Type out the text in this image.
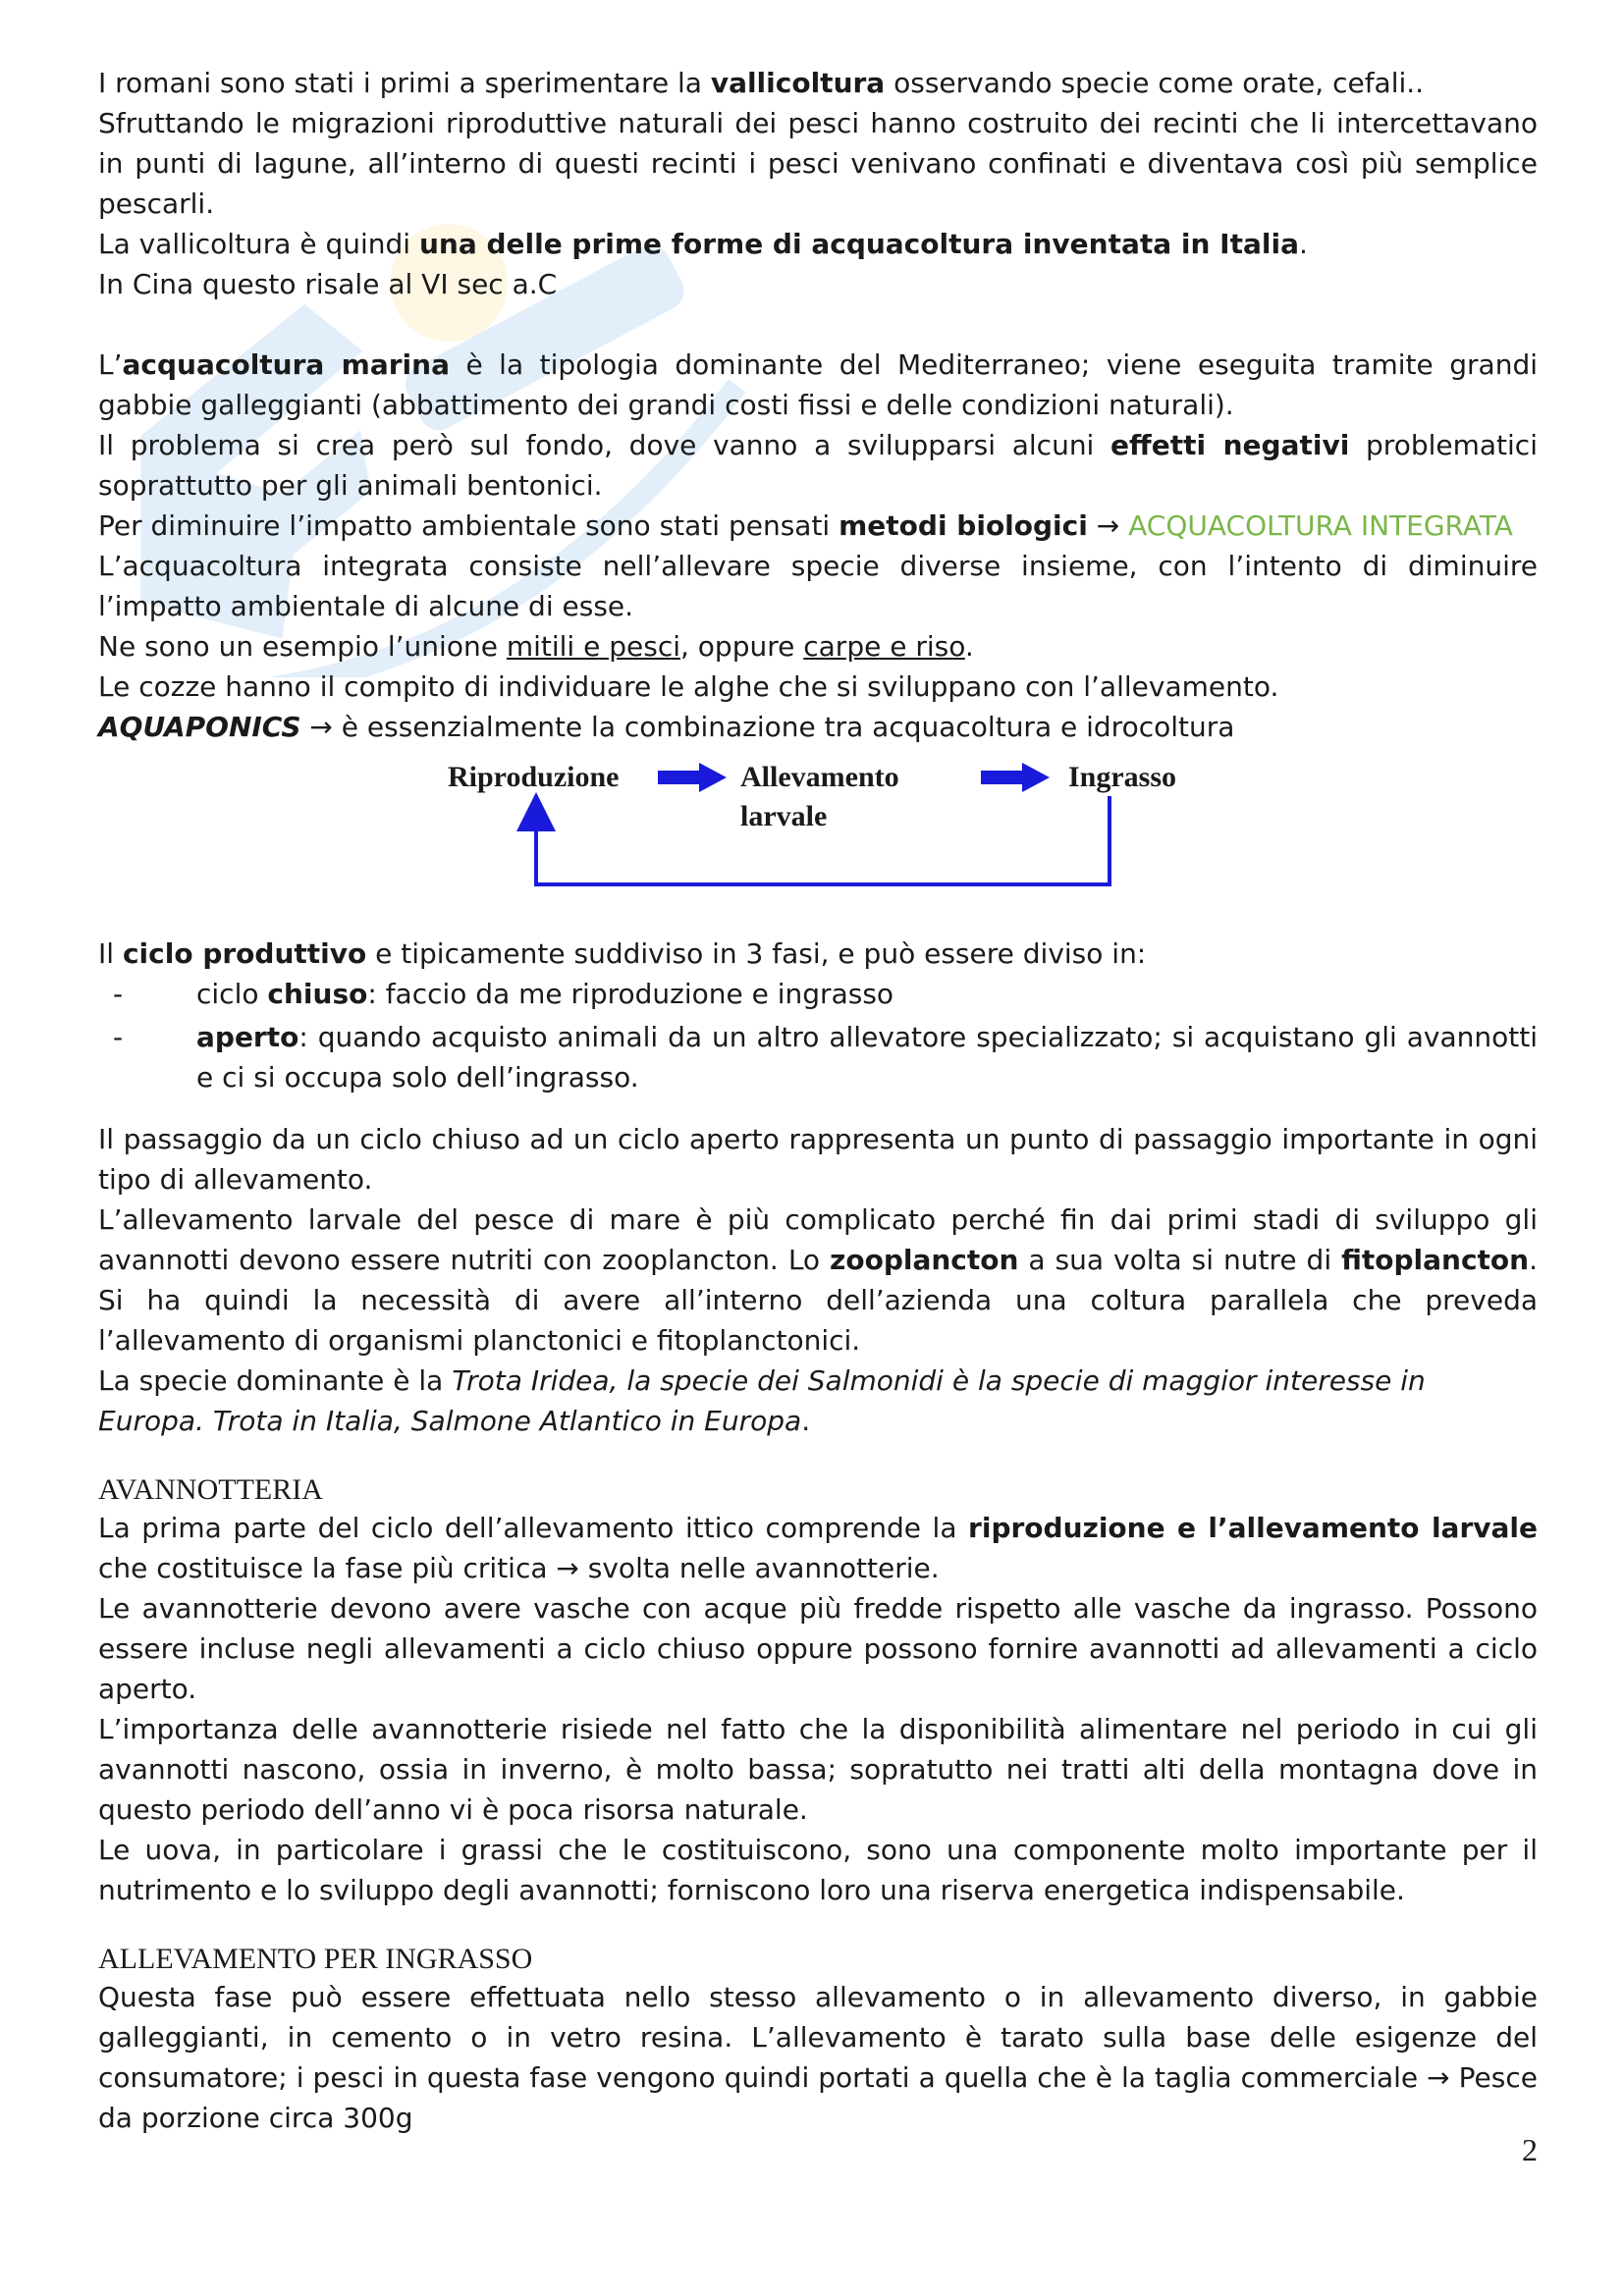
I romani sono stati i primi a sperimentare la vallicoltura osservando specie come orate, cefali..

Sfruttando le migrazioni riproduttive naturali dei pesci hanno costruito dei recinti che li intercettavano in punti di lagune, all’interno di questi recinti i pesci venivano confinati e diventava così più semplice pescarli.

La vallicoltura è quindi una delle prime forme di acquacoltura inventata in Italia.

In Cina questo risale al VI sec a.C

L’acquacoltura marina è la tipologia dominante del Mediterraneo; viene eseguita tramite grandi gabbie galleggianti (abbattimento dei grandi costi fissi e delle condizioni naturali).

Il problema si crea però sul fondo, dove vanno a svilupparsi alcuni effetti negativi problematici soprattutto per gli animali bentonici.

Per diminuire l’impatto ambientale sono stati pensati metodi biologici → ACQUACOLTURA INTEGRATA

L’acquacoltura integrata consiste nell’allevare specie diverse insieme, con l’intento di diminuire l’impatto ambientale di alcune di esse.

Ne sono un esempio l’unione mitili e pesci, oppure carpe e riso.

Le cozze hanno il compito di individuare le alghe che si sviluppano con l’allevamento.

AQUAPONICS → è essenzialmente la combinazione tra acquacoltura e idrocoltura

Riproduzione	Allevamento
larvale
Ingrasso

Il ciclo produttivo e tipicamente suddiviso in 3 fasi, e può essere diviso in:

-	ciclo chiuso: faccio da me riproduzione e ingrasso
-	aperto: quando acquisto animali da un altro allevatore specializzato; si acquistano gli avannotti e ci si occupa solo dell’ingrasso.

Il passaggio da un ciclo chiuso ad un ciclo aperto rappresenta un punto di passaggio importante in ogni tipo di allevamento.

L’allevamento larvale del pesce di mare è più complicato perché fin dai primi stadi di sviluppo gli avannotti devono essere nutriti con zooplancton. Lo zooplancton a sua volta si nutre di fitoplancton. Si ha quindi la necessità di avere all’interno dell’azienda una coltura parallela che preveda l’allevamento di organismi planctonici e fitoplanctonici.

La specie dominante è la Trota Iridea, la specie dei Salmonidi è la specie di maggior interesse in Europa. Trota in Italia, Salmone Atlantico in Europa.

AVANNOTTERIA

La prima parte del ciclo dell’allevamento ittico comprende la riproduzione e l’allevamento larvale che costituisce la fase più critica → svolta nelle avannotterie.

Le avannotterie devono avere vasche con acque più fredde rispetto alle vasche da ingrasso. Possono essere incluse negli allevamenti a ciclo chiuso oppure possono fornire avannotti ad allevamenti a ciclo aperto.

L’importanza delle avannotterie risiede nel fatto che la disponibilità alimentare nel periodo in cui gli avannotti nascono, ossia in inverno, è molto bassa; sopratutto nei tratti alti della montagna dove in questo periodo dell’anno vi è poca risorsa naturale.

Le uova, in particolare i grassi che le costituiscono, sono una componente molto importante per il nutrimento e lo sviluppo degli avannotti; forniscono loro una riserva energetica indispensabile.

ALLEVAMENTO PER INGRASSO

Questa fase può essere effettuata nello stesso allevamento o in allevamento diverso, in gabbie galleggianti, in cemento o in vetro resina. L’allevamento è tarato sulla base delle esigenze del consumatore; i pesci in questa fase vengono quindi portati a quella che è la taglia commerciale → Pesce da porzione circa 300g

2
